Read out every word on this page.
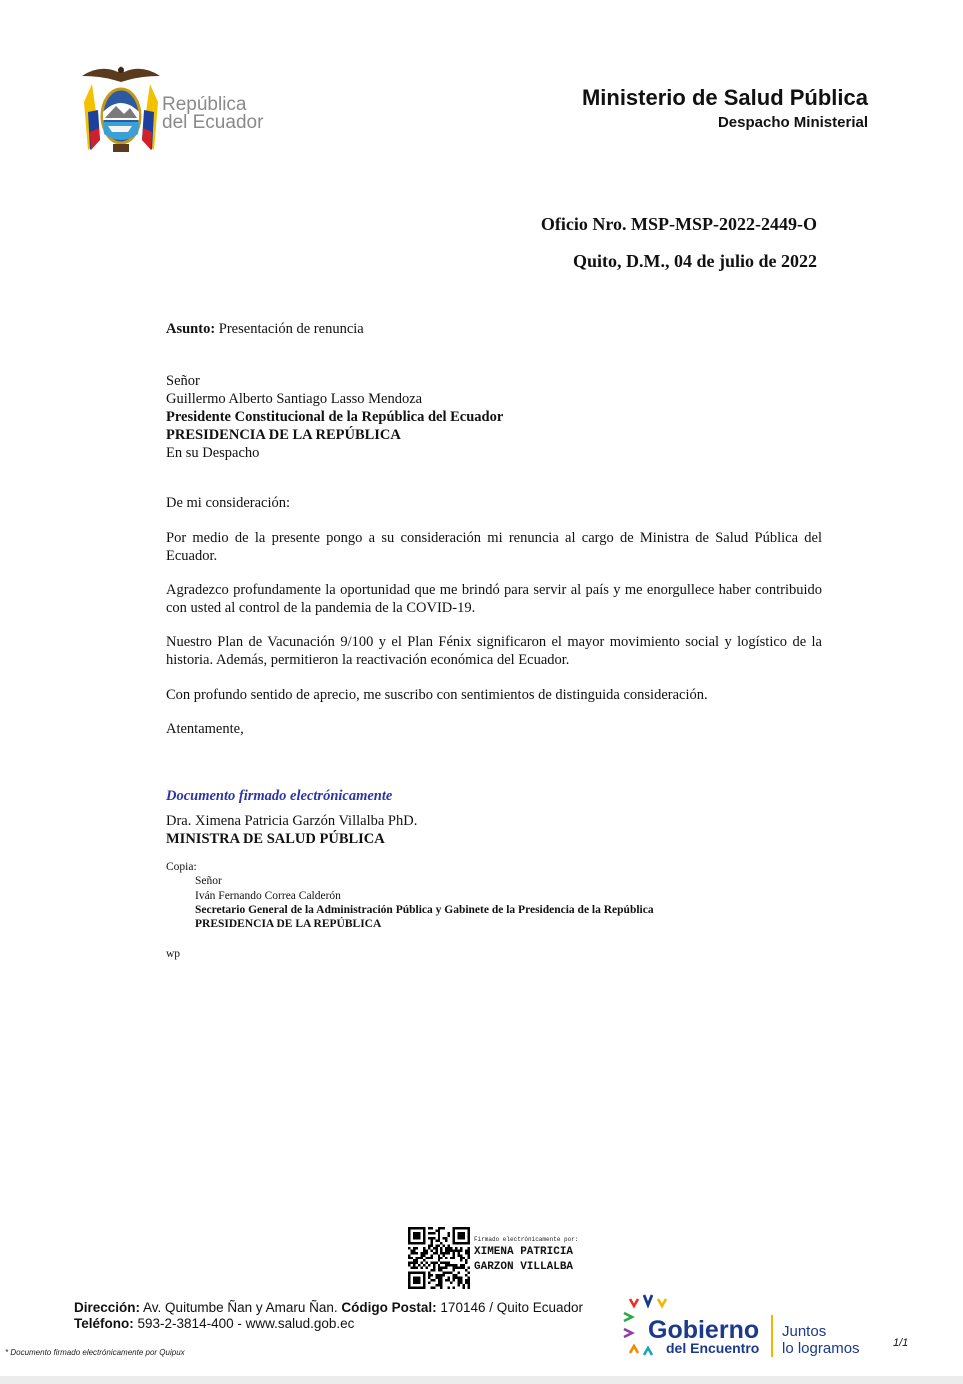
República
del Ecuador
Ministerio de Salud Pública
Despacho Ministerial
Oficio Nro. MSP-MSP-2022-2449-O
Quito, D.M., 04 de julio de 2022
Asunto: Presentación de renuncia
Señor
Guillermo Alberto Santiago Lasso Mendoza
Presidente Constitucional de la República del Ecuador
PRESIDENCIA DE LA REPÚBLICA
En su Despacho
De mi consideración:
Por medio de la presente pongo a su consideración mi renuncia al cargo de Ministra de Salud Pública del Ecuador.
Agradezco profundamente la oportunidad que me brindó para servir al país y me enorgullece haber contribuido con usted al control de la pandemia de la COVID-19.
Nuestro Plan de Vacunación 9/100 y el Plan Fénix significaron el mayor movimiento social y logístico de la historia. Además, permitieron la reactivación económica del Ecuador.
Con profundo sentido de aprecio, me suscribo con sentimientos de distinguida consideración.
Atentamente,
Documento firmado electrónicamente
Dra. Ximena Patricia Garzón Villalba PhD.
MINISTRA DE SALUD PÚBLICA
Copia:
Señor
Iván Fernando Correa Calderón
Secretario General de la Administración Pública y Gabinete de la Presidencia de la República
PRESIDENCIA DE LA REPÚBLICA
wp
Firmado electrónicamente por:
XIMENA PATRICIA
GARZON VILLALBA
Dirección: Av. Quitumbe Ñan y Amaru Ñan. Código Postal: 170146 / Quito Ecuador
Teléfono: 593-2-3814-400 - www.salud.gob.ec	Gobierno
del Encuentro
Juntos
lo logramos	1/1
* Documento firmado electrónicamente por Quipux
